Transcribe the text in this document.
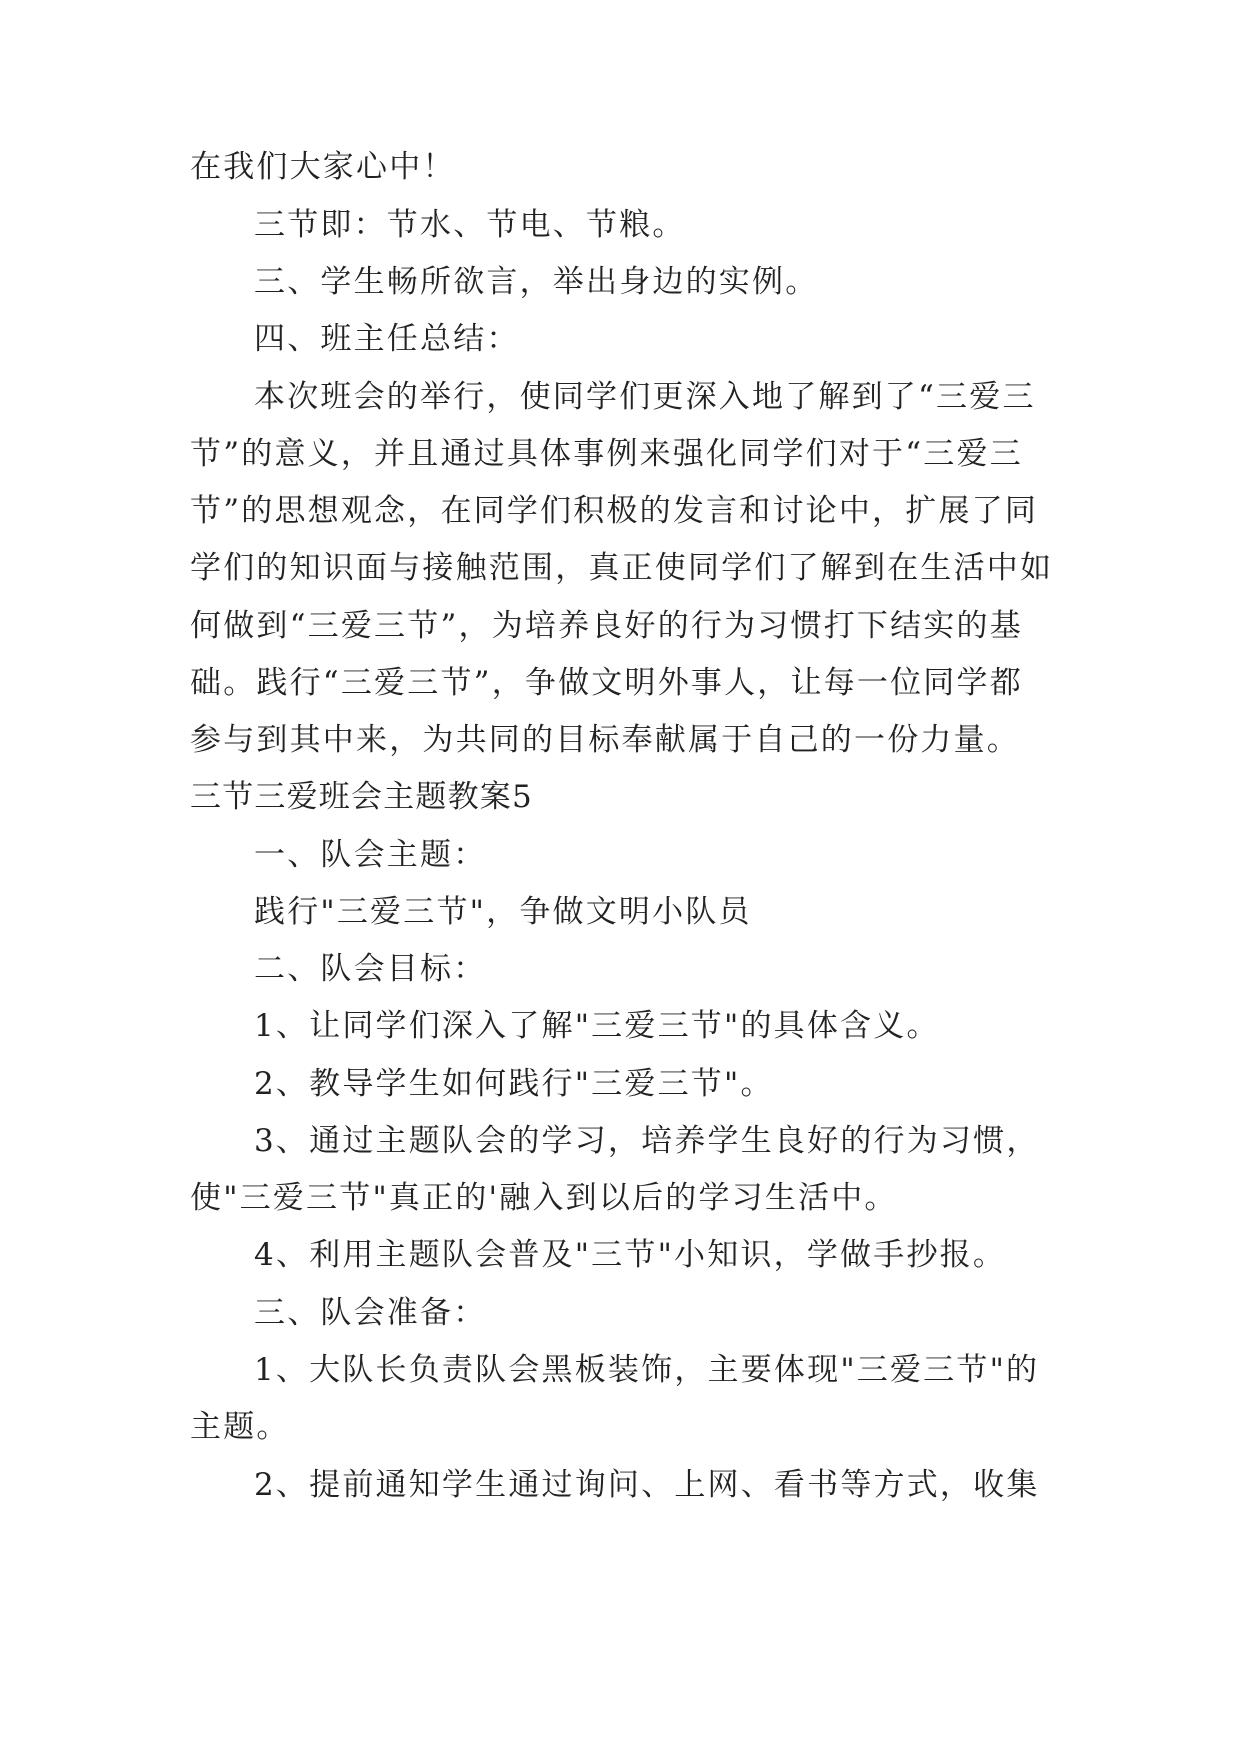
在我们大家心中！
三节即：节水、节电、节粮。
三、学生畅所欲言，举出身边的实例。
四、班主任总结：
本次班会的举行，使同学们更深入地了解到了“三爱三
节”的意义，并且通过具体事例来强化同学们对于“三爱三
节”的思想观念，在同学们积极的发言和讨论中，扩展了同
学们的知识面与接触范围，真正使同学们了解到在生活中如
何做到“三爱三节”，为培养良好的行为习惯打下结实的基
础。践行“三爱三节”，争做文明外事人，让每一位同学都
参与到其中来，为共同的目标奉献属于自己的一份力量。
三节三爱班会主题教案5
一、队会主题：
践行"三爱三节"，争做文明小队员
二、队会目标：
1、让同学们深入了解"三爱三节"的具体含义。
2、教导学生如何践行"三爱三节"。
3、通过主题队会的学习，培养学生良好的行为习惯，
使"三爱三节"真正的'融入到以后的学习生活中。
4、利用主题队会普及"三节"小知识，学做手抄报。
三、队会准备：
1、大队长负责队会黑板装饰，主要体现"三爱三节"的
主题。
2、提前通知学生通过询问、上网、看书等方式，收集
